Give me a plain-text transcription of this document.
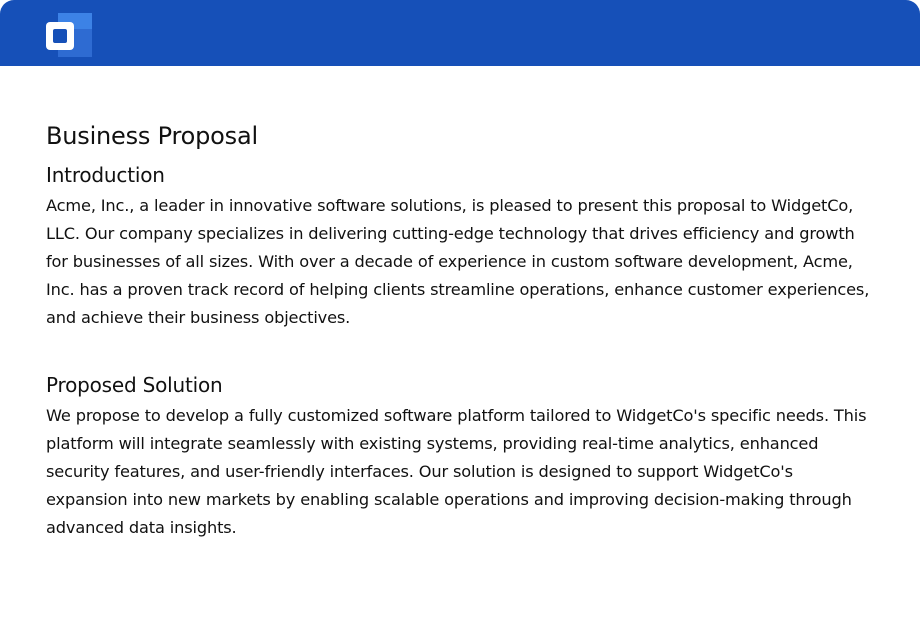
Business Proposal
Introduction

Acme, Inc., a leader in innovative software solutions, is pleased to present this proposal to WidgetCo, LLC. Our company specializes in delivering cutting-edge technology that drives efficiency and growth for businesses of all sizes. With over a decade of experience in custom software development, Acme, Inc. has a proven track record of helping clients streamline operations, enhance customer experiences, and achieve their business objectives.

Proposed Solution

We propose to develop a fully customized software platform tailored to WidgetCo's specific needs. This platform will integrate seamlessly with existing systems, providing real-time analytics, enhanced security features, and user-friendly interfaces. Our solution is designed to support WidgetCo's expansion into new markets by enabling scalable operations and improving decision-making through advanced data insights.
